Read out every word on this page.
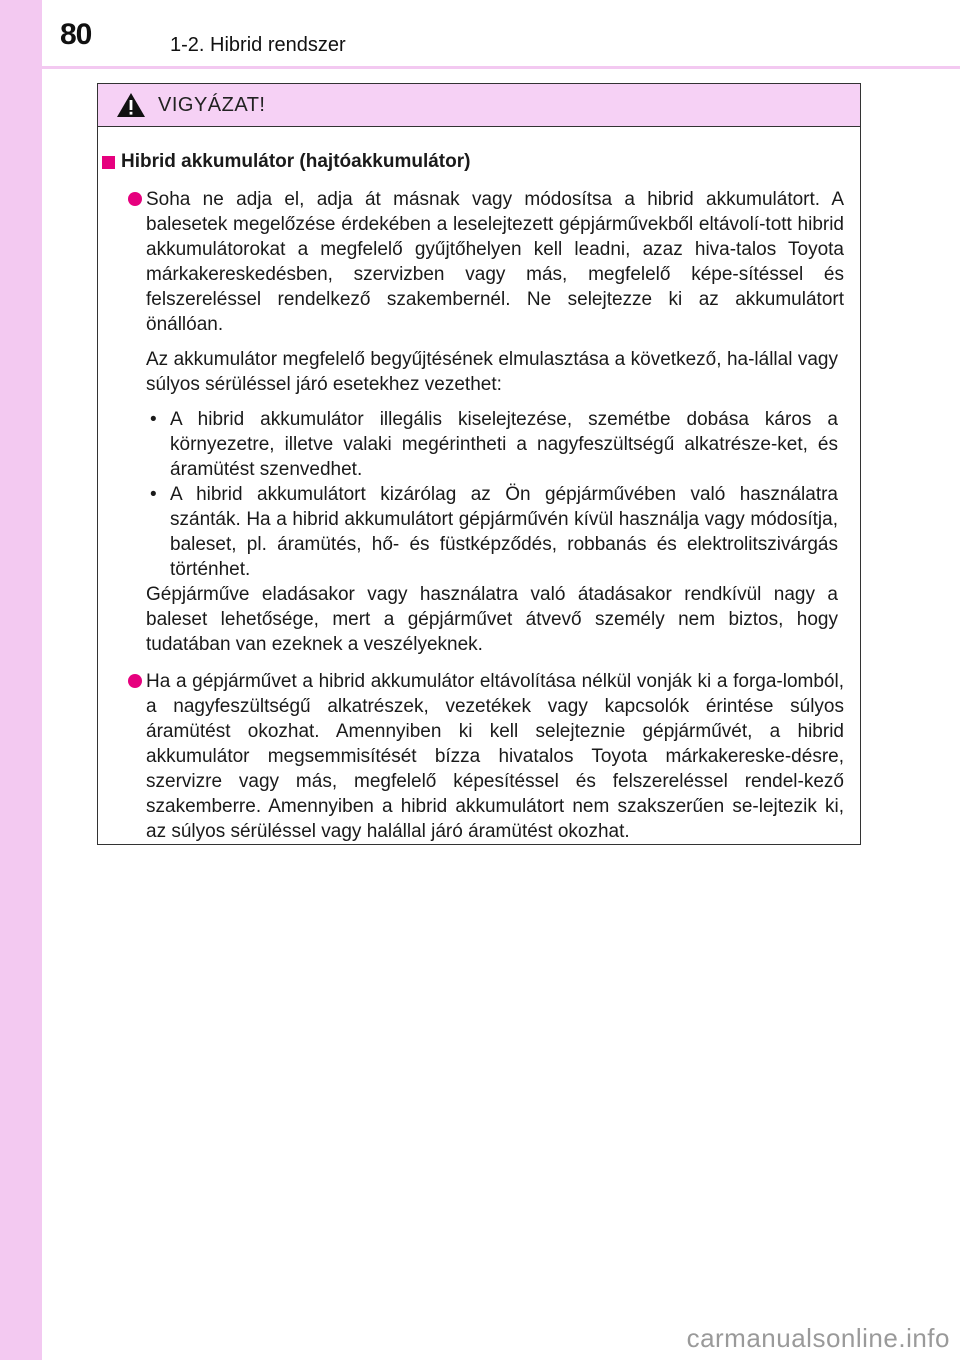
80	1-2. Hibrid rendszer
VIGYÁZAT!
Hibrid akkumulátor (hajtóakkumulátor)
Soha ne adja el, adja át másnak vagy módosítsa a hibrid akkumulátort. A balesetek megelőzése érdekében a leselejtezett gépjárművekből eltávolí-tott hibrid akkumulátorokat a megfelelő gyűjtőhelyen kell leadni, azaz hiva-talos Toyota márkakereskedésben, szervizben vagy más, megfelelő képe-sítéssel és felszereléssel rendelkező szakembernél. Ne selejtezze ki az akkumulátort önállóan.
Az akkumulátor megfelelő begyűjtésének elmulasztása a következő, ha-lállal vagy súlyos sérüléssel járó esetekhez vezethet:
• A hibrid akkumulátor illegális kiselejtezése, szemétbe dobása káros a környezetre, illetve valaki megérintheti a nagyfeszültségű alkatrésze-ket, és áramütést szenvedhet.
• A hibrid akkumulátort kizárólag az Ön gépjárművében való használatra szánták. Ha a hibrid akkumulátort gépjárművén kívül használja vagy módosítja, baleset, pl. áramütés, hő- és füstképződés, robbanás és elektrolitszivárgás történhet.
Gépjárműve eladásakor vagy használatra való átadásakor rendkívül nagy a baleset lehetősége, mert a gépjárművet átvevő személy nem biztos, hogy tudatában van ezeknek a veszélyeknek.
Ha a gépjárművet a hibrid akkumulátor eltávolítása nélkül vonják ki a forga-lomból, a nagyfeszültségű alkatrészek, vezetékek vagy kapcsolók érintése súlyos áramütést okozhat. Amennyiben ki kell selejteznie gépjárművét, a hibrid akkumulátor megsemmisítését bízza hivatalos Toyota márkakereske-désre, szervizre vagy más, megfelelő képesítéssel és felszereléssel rendel-kező szakemberre. Amennyiben a hibrid akkumulátort nem szakszerűen se-lejtezik ki, az súlyos sérüléssel vagy halállal járó áramütést okozhat.
carmanualsonline.info
